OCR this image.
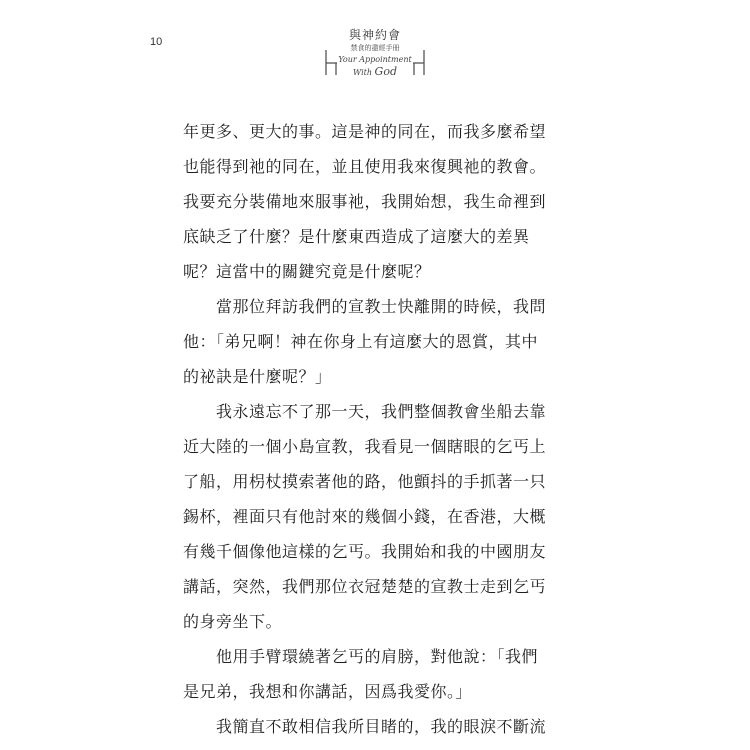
10	與神約會
禁食的盡經手冊
Your Appointment
With God
年更多、更大的事。這是神的同在，而我多麼希望
也能得到祂的同在，並且使用我來復興祂的教會。
我要充分裝備地來服事祂，我開始想，我生命裡到
底缺乏了什麼？是什麼東西造成了這麼大的差異
呢？這當中的關鍵究竟是什麼呢？
當那位拜訪我們的宣教士快離開的時候，我問
他：「弟兄啊！神在你身上有這麼大的恩賞，其中
的祕訣是什麼呢？」
我永遠忘不了那一天，我們整個教會坐船去靠
近大陸的一個小島宣教，我看見一個瞎眼的乞丐上
了船，用枴杖摸索著他的路，他顫抖的手抓著一只
錫杯，裡面只有他討來的幾個小錢，在香港，大概
有幾千個像他這樣的乞丐。我開始和我的中國朋友
講話，突然，我們那位衣冠楚楚的宣教士走到乞丐
的身旁坐下。
他用手臂環繞著乞丐的肩膀，對他說：「我們
是兄弟，我想和你講話，因爲我愛你。」
我簡直不敢相信我所目睹的，我的眼淚不斷流
